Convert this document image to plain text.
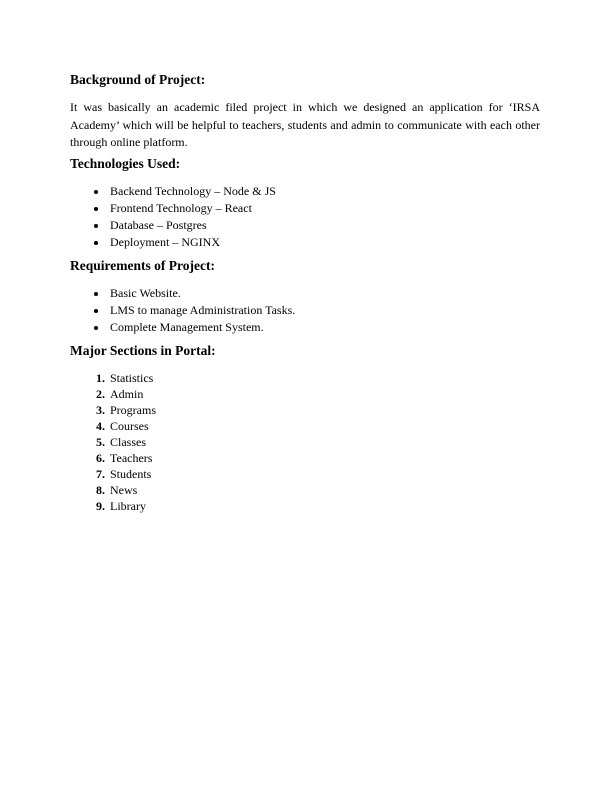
Background of Project:

It was basically an academic filed project in which we designed an application for ‘IRSA Academy’ which will be helpful to teachers, students and admin to communicate with each other through online platform.

Technologies Used:
• Backend Technology – Node & JS
• Frontend Technology – React
• Database – Postgres
• Deployment – NGINX
Requirements of Project:
• Basic Website.
• LMS to manage Administration Tasks.
• Complete Management System.
Major Sections in Portal:
1. Statistics
2. Admin
3. Programs
4. Courses
5. Classes
6. Teachers
7. Students
8. News
9. Library
